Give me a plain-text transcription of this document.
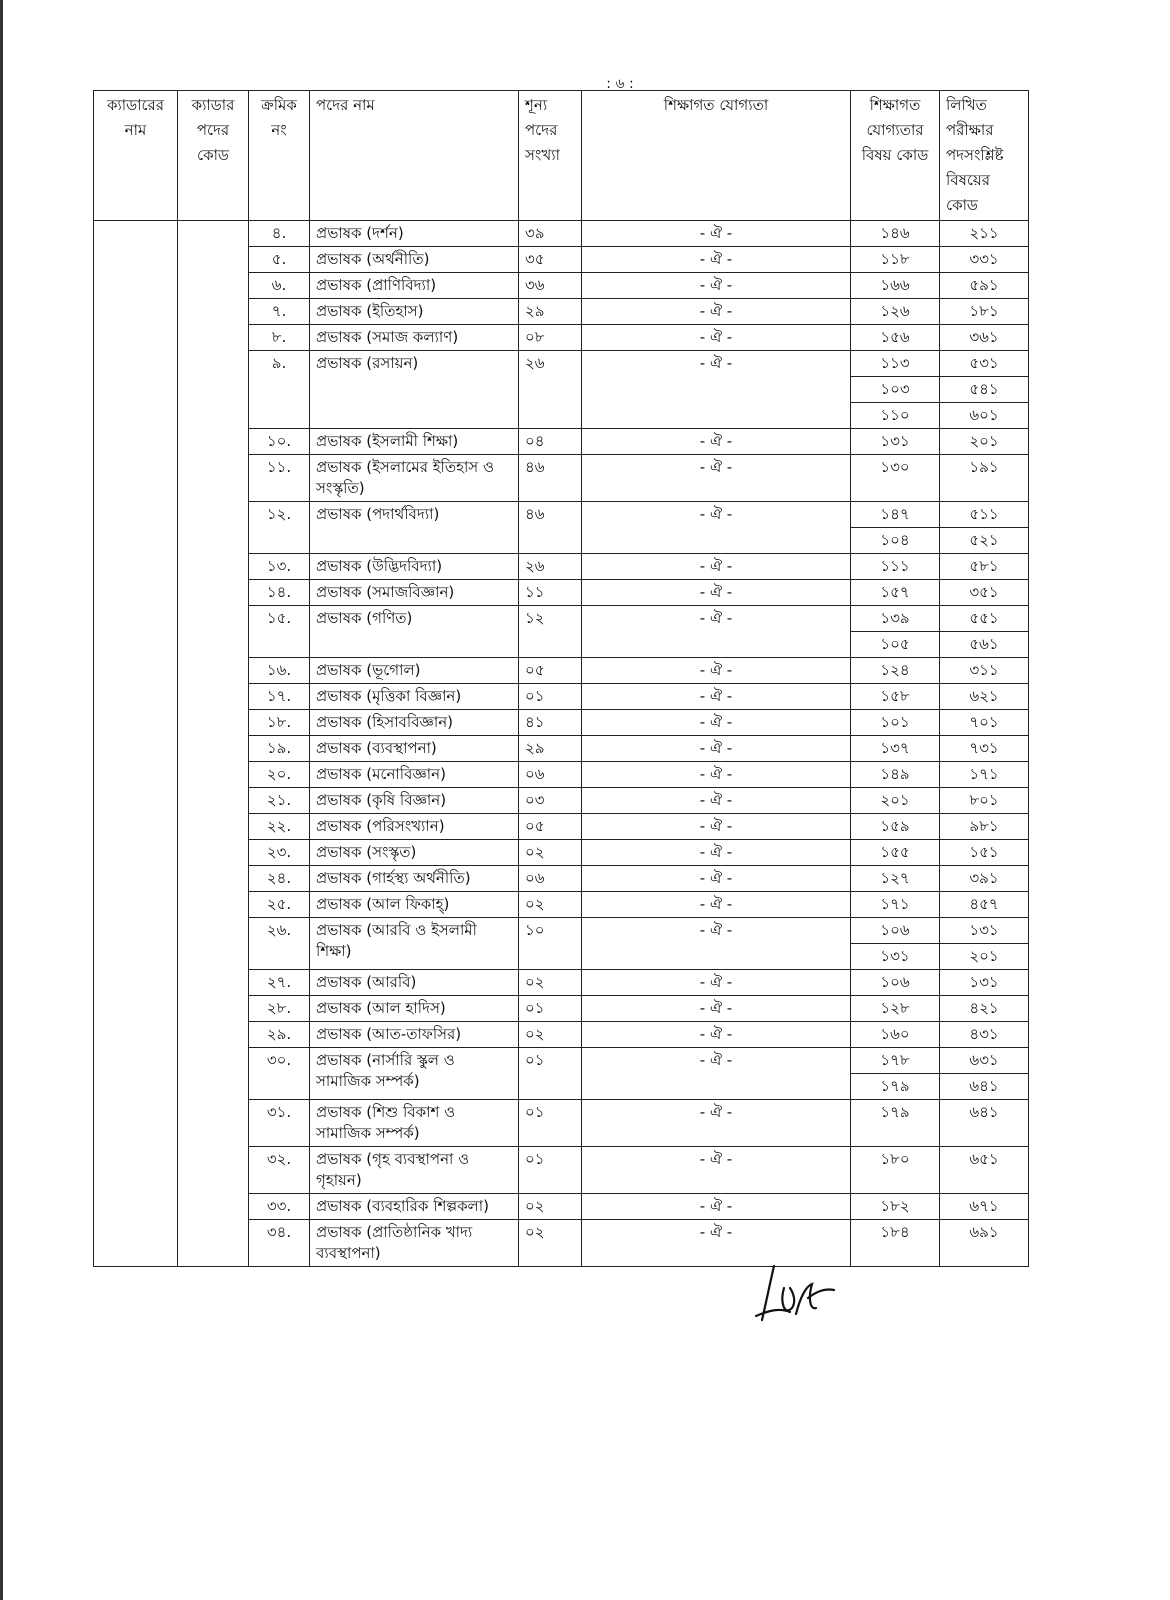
: ৬ :
ক্যাডারের নাম	ক্যাডার পদের কোড	ক্রমিক নং	পদের নাম	শূন্য পদের সংখ্যা	শিক্ষাগত যোগ্যতা	শিক্ষাগত যোগ্যতার বিষয় কোড	লিখিত পরীক্ষার পদসংশ্লিষ্ট বিষয়ের কোড
		৪.	প্রভাষক (দর্শন)	৩৯	- ঐ -	১৪৬	২১১
		৫.	প্রভাষক (অর্থনীতি)	৩৫	- ঐ -	১১৮	৩৩১
		৬.	প্রভাষক (প্রাণিবিদ্যা)	৩৬	- ঐ -	১৬৬	৫৯১
		৭.	প্রভাষক (ইতিহাস)	২৯	- ঐ -	১২৬	১৮১
		৮.	প্রভাষক (সমাজ কল্যাণ)	০৮	- ঐ -	১৫৬	৩৬১
		৯.	প্রভাষক (রসায়ন)	২৬	- ঐ -	১১৩	৫৩১
						১০৩	৫৪১
						১১০	৬০১
		১০.	প্রভাষক (ইসলামী শিক্ষা)	০৪	- ঐ -	১৩১	২০১
		১১.	প্রভাষক (ইসলামের ইতিহাস ও সংস্কৃতি)	৪৬	- ঐ -	১৩০	১৯১
		১২.	প্রভাষক (পদার্থবিদ্যা)	৪৬	- ঐ -	১৪৭	৫১১
						১০৪	৫২১
		১৩.	প্রভাষক (উদ্ভিদবিদ্যা)	২৬	- ঐ -	১১১	৫৮১
		১৪.	প্রভাষক (সমাজবিজ্ঞান)	১১	- ঐ -	১৫৭	৩৫১
		১৫.	প্রভাষক (গণিত)	১২	- ঐ -	১৩৯	৫৫১
						১০৫	৫৬১
		১৬.	প্রভাষক (ভূগোল)	০৫	- ঐ -	১২৪	৩১১
		১৭.	প্রভাষক (মৃত্তিকা বিজ্ঞান)	০১	- ঐ -	১৫৮	৬২১
		১৮.	প্রভাষক (হিসাববিজ্ঞান)	৪১	- ঐ -	১০১	৭০১
		১৯.	প্রভাষক (ব্যবস্থাপনা)	২৯	- ঐ -	১৩৭	৭৩১
		২০.	প্রভাষক (মনোবিজ্ঞান)	০৬	- ঐ -	১৪৯	১৭১
		২১.	প্রভাষক (কৃষি বিজ্ঞান)	০৩	- ঐ -	২০১	৮০১
		২২.	প্রভাষক (পরিসংখ্যান)	০৫	- ঐ -	১৫৯	৯৮১
		২৩.	প্রভাষক (সংস্কৃত)	০২	- ঐ -	১৫৫	১৫১
		২৪.	প্রভাষক (গার্হস্থ্য অর্থনীতি)	০৬	- ঐ -	১২৭	৩৯১
		২৫.	প্রভাষক (আল ফিকাহ্)	০২	- ঐ -	১৭১	৪৫৭
		২৬.	প্রভাষক (আরবি ও ইসলামী শিক্ষা)	১০	- ঐ -	১০৬	১৩১
						১৩১	২০১
		২৭.	প্রভাষক (আরবি)	০২	- ঐ -	১০৬	১৩১
		২৮.	প্রভাষক (আল হাদিস)	০১	- ঐ -	১২৮	৪২১
		২৯.	প্রভাষক (আত-তাফসির)	০২	- ঐ -	১৬০	৪৩১
		৩০.	প্রভাষক (নার্সারি স্কুল ও সামাজিক সম্পর্ক)	০১	- ঐ -	১৭৮	৬৩১
						১৭৯	৬৪১
		৩১.	প্রভাষক (শিশু বিকাশ ও সামাজিক সম্পর্ক)	০১	- ঐ -	১৭৯	৬৪১
		৩২.	প্রভাষক (গৃহ ব্যবস্থাপনা ও গৃহায়ন)	০১	- ঐ -	১৮০	৬৫১
		৩৩.	প্রভাষক (ব্যবহারিক শিল্পকলা)	০২	- ঐ -	১৮২	৬৭১
		৩৪.	প্রভাষক (প্রাতিষ্ঠানিক খাদ্য ব্যবস্থাপনা)	০২	- ঐ -	১৮৪	৬৯১
